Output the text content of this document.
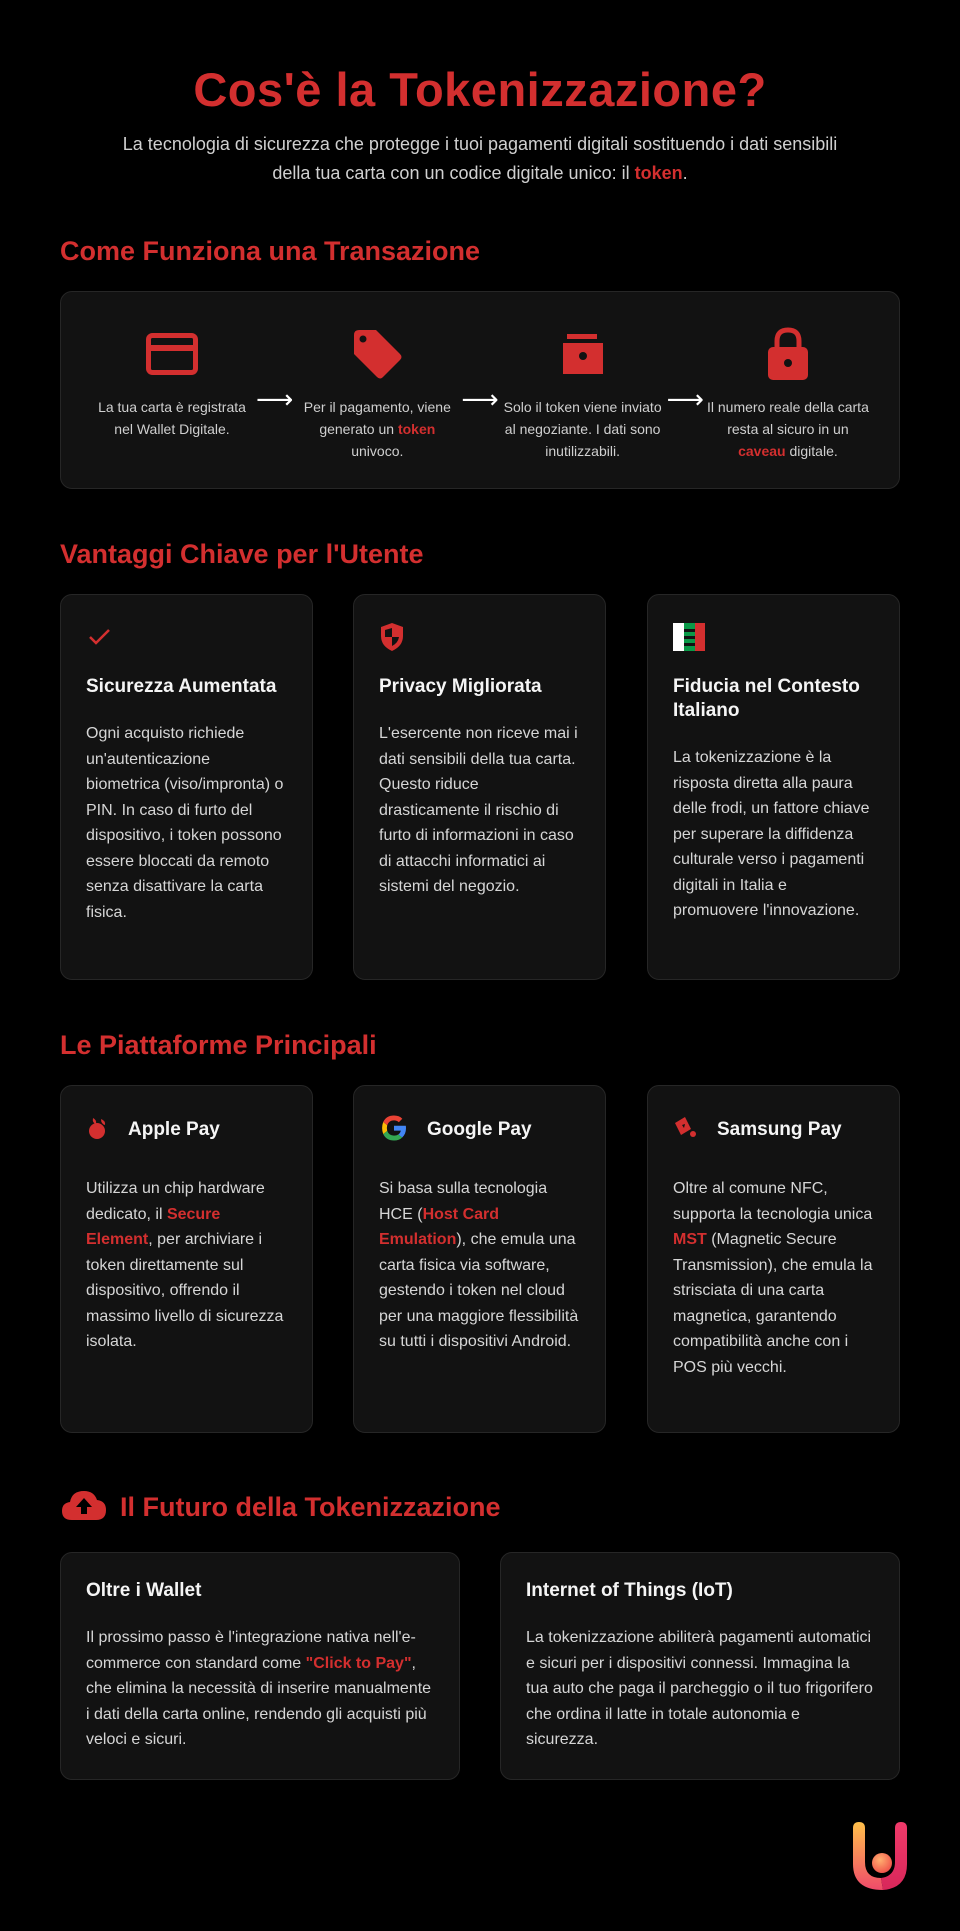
Cos'è la Tokenizzazione?

La tecnologia di sicurezza che protegge i tuoi pagamenti digitali sostituendo i dati sensibili della tua carta con un codice digitale unico: il token.

Come Funziona una Transazione
La tua carta è registrata nel Wallet Digitale.
⟶ Per il pagamento, viene generato un token univoco.
⟶ Solo il token viene inviato al negoziante. I dati sono inutilizzabili.
⟶ Il numero reale della carta resta al sicuro in un caveau digitale.
Vantaggi Chiave per l'Utente
Sicurezza Aumentata

Ogni acquisto richiede un'autenticazione biometrica (viso/impronta) o PIN. In caso di furto del dispositivo, i token possono essere bloccati da remoto senza disattivare la carta fisica.

Privacy Migliorata

L'esercente non riceve mai i dati sensibili della tua carta. Questo riduce drasticamente il rischio di furto di informazioni in caso di attacchi informatici ai sistemi del negozio.

Fiducia nel Contesto Italiano

La tokenizzazione è la risposta diretta alla paura delle frodi, un fattore chiave per superare la diffidenza culturale verso i pagamenti digitali in Italia e promuovere l'innovazione.

Le Piattaforme Principali
Apple Pay

Utilizza un chip hardware dedicato, il Secure Element, per archiviare i token direttamente sul dispositivo, offrendo il massimo livello di sicurezza isolata.

Google Pay

Si basa sulla tecnologia HCE (Host Card Emulation), che emula una carta fisica via software, gestendo i token nel cloud per una maggiore flessibilità su tutti i dispositivi Android.

Samsung Pay

Oltre al comune NFC, supporta la tecnologia unica MST (Magnetic Secure Transmission), che emula la strisciata di una carta magnetica, garantendo compatibilità anche con i POS più vecchi.

Il Futuro della Tokenizzazione
Oltre i Wallet

Il prossimo passo è l'integrazione nativa nell'e-commerce con standard come "Click to Pay", che elimina la necessità di inserire manualmente i dati della carta online, rendendo gli acquisti più veloci e sicuri.

Internet of Things (IoT)

La tokenizzazione abiliterà pagamenti automatici e sicuri per i dispositivi connessi. Immagina la tua auto che paga il parcheggio o il tuo frigorifero che ordina il latte in totale autonomia e sicurezza.
